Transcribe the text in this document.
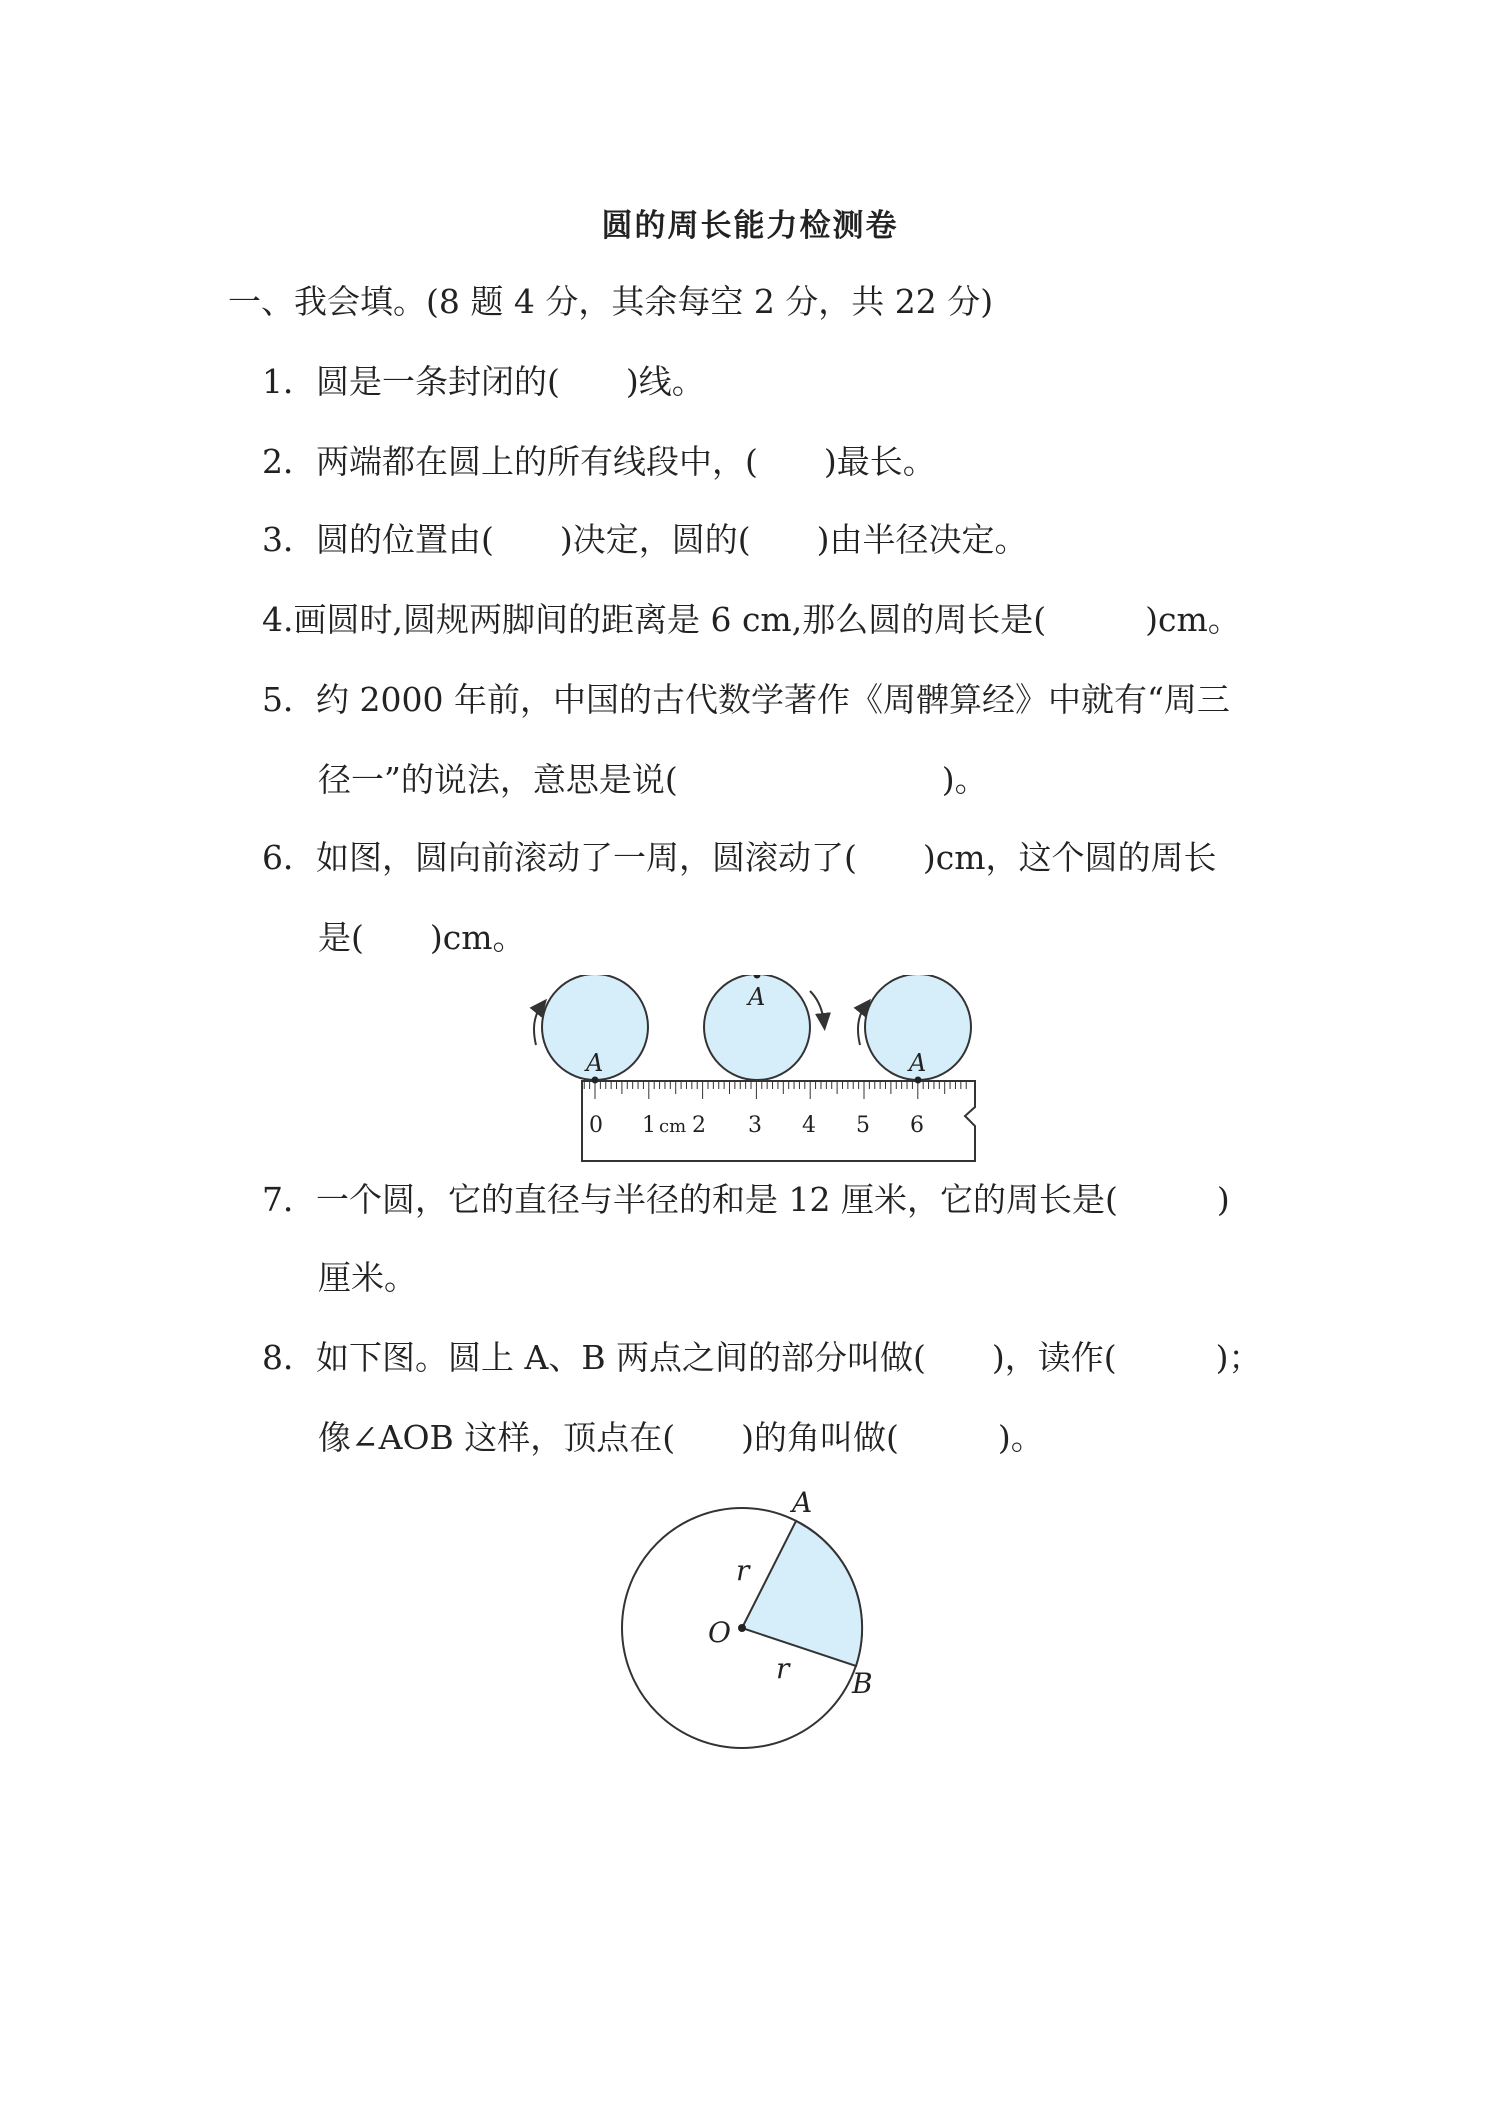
圆的周长能力检测卷
一、我会填。(8 题 4 分，其余每空 2 分，共 22 分)
1．圆是一条封闭的(　　)线。
2．两端都在圆上的所有线段中，(　　)最长。
3．圆的位置由(　　)决定，圆的(　　)由半径决定。
4.画圆时,圆规两脚间的距离是 6 cm,那么圆的周长是(　　　)cm。
5．约 2000 年前，中国的古代数学著作《周髀算经》中就有“周三
径一”的说法，意思是说(　　　　　　　　)。
6．如图，圆向前滚动了一周，圆滚动了(　　)cm，这个圆的周长
是(　　)cm。
A
A
A
0 1 cm 2 3 4 5 6
7．一个圆，它的直径与半径的和是 12 厘米，它的周长是(　　　)
厘米。
8．如下图。圆上 A、B 两点之间的部分叫做(　　)，读作(　　　)；
像∠AOB 这样，顶点在(　　)的角叫做(　　　)。
A
B
O
r
r
